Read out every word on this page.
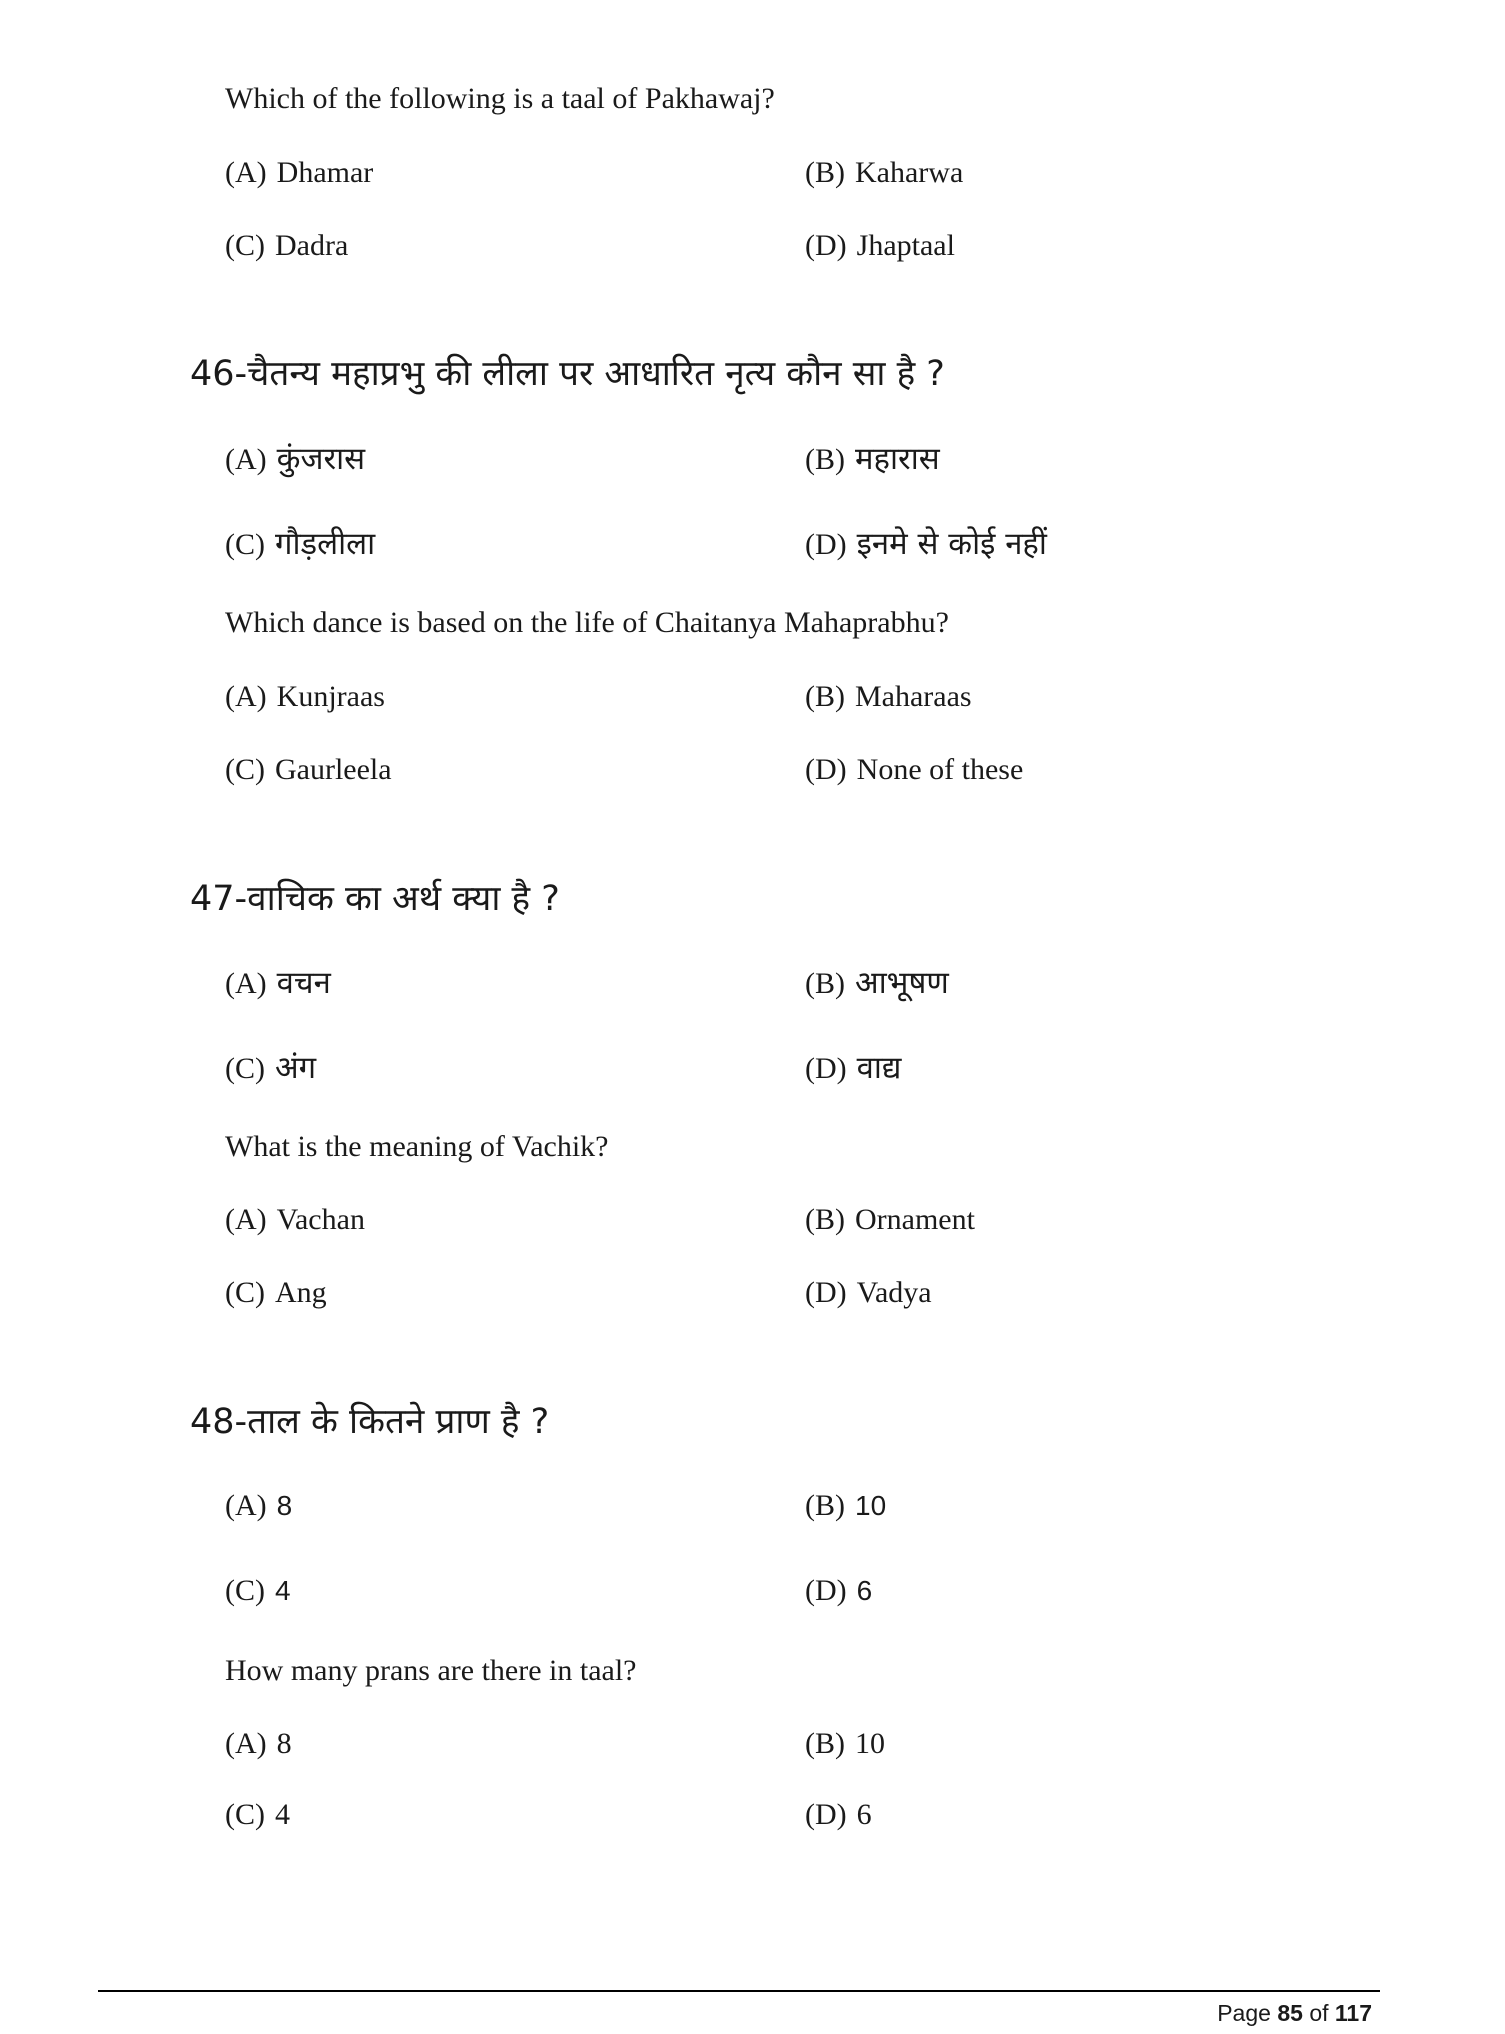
Which of the following is a taal of Pakhawaj?
(A) Dhamar	(B) Kaharwa
(C) Dadra	(D) Jhaptaal
46-चैतन्य महाप्रभु की लीला पर आधारित नृत्य कौन सा है ?
(A) कुंजरास	(B) महारास
(C) गौड़लीला	(D) इनमे से कोई नहीं
Which dance is based on the life of Chaitanya Mahaprabhu?
(A) Kunjraas	(B) Maharaas
(C) Gaurleela	(D) None of these
47-वाचिक का अर्थ क्या है ?
(A) वचन	(B) आभूषण
(C) अंग	(D) वाद्य
What is the meaning of Vachik?
(A) Vachan	(B) Ornament
(C) Ang	(D) Vadya
48-ताल के कितने प्राण है ?
(A) 8	(B) 10
(C) 4	(D) 6
How many prans are there in taal?
(A) 8	(B) 10
(C) 4	(D) 6
Page 85 of 117
